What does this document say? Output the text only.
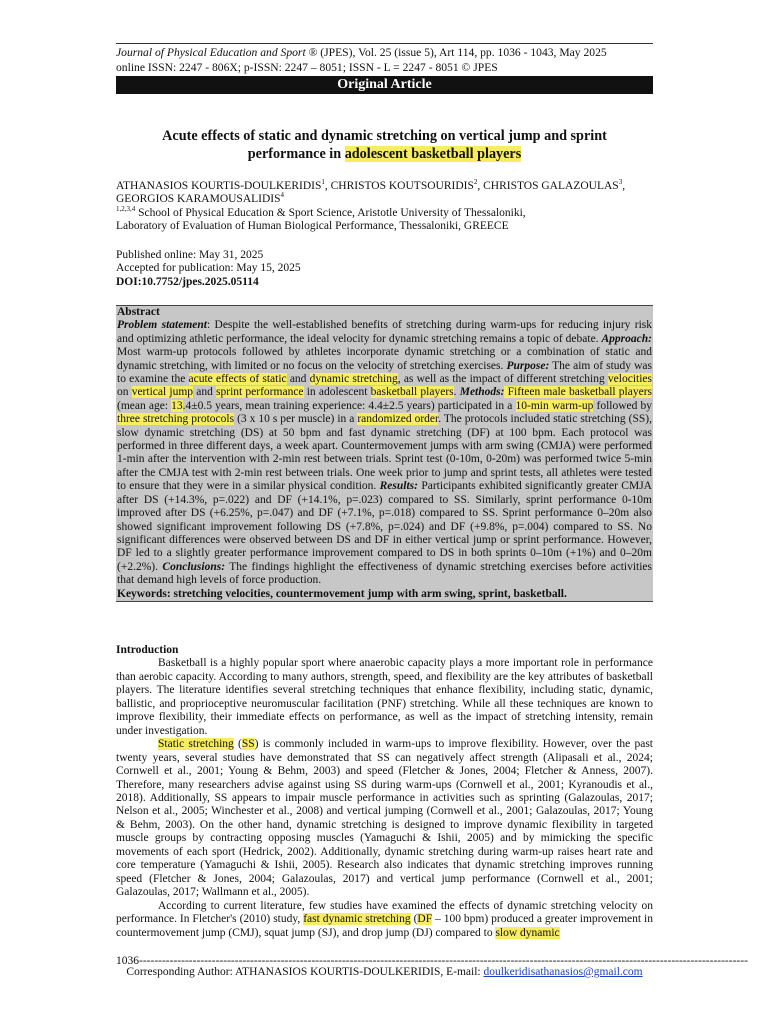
Journal of Physical Education and Sport ® (JPES), Vol. 25 (issue 5), Art 114, pp. 1036 - 1043, May 2025
online ISSN: 2247 - 806X; p-ISSN: 2247 – 8051; ISSN - L = 2247 - 8051 © JPES
Original Article
Acute effects of static and dynamic stretching on vertical jump and sprint
performance in adolescent basketball players
ATHANASIOS KOURTIS-DOULKERIDIS$^1$, CHRISTOS KOUTSOURIDIS$^2$, CHRISTOS GALAZOULAS$^3$,
GEORGIOS KARAMOUSALIDIS$^4$
$^{1,2,3,4}$ School of Physical Education & Sport Science, Aristotle University of Thessaloniki,
Laboratory of Evaluation of Human Biological Performance, Thessaloniki, GREECE
Published online: May 31, 2025
Accepted for publication: May 15, 2025
DOI:10.7752/jpes.2025.05114
Abstract

Problem statement: Despite the well-established benefits of stretching during warm-ups for reducing injury risk and optimizing athletic performance, the ideal velocity for dynamic stretching remains a topic of debate. Approach: Most warm-up protocols followed by athletes incorporate dynamic stretching or a combination of static and dynamic stretching, with limited or no focus on the velocity of stretching exercises. Purpose: The aim of study was to examine the acute effects of static and dynamic stretching, as well as the impact of different stretching velocities on vertical jump and sprint performance in adolescent basketball players. Methods: Fifteen male basketball players (mean age: 13.4±0.5 years, mean training experience: 4.4±2.5 years) participated in a 10-min warm-up followed by three stretching protocols (3 x 10 s per muscle) in a randomized order. The protocols included static stretching (SS), slow dynamic stretching (DS) at 50 bpm and fast dynamic stretching (DF) at 100 bpm. Each protocol was performed in three different days, a week apart. Countermovement jumps with arm swing (CMJA) were performed 1-min after the intervention with 2-min rest between trials. Sprint test (0-10m, 0-20m) was performed twice 5-min after the CMJA test with 2-min rest between trials. One week prior to jump and sprint tests, all athletes were tested to ensure that they were in a similar physical condition. Results: Participants exhibited significantly greater CMJA after DS (+14.3%, p=.022) and DF (+14.1%, p=.023) compared to SS. Similarly, sprint performance 0-10m improved after DS (+6.25%, p=.047) and DF (+7.1%, p=.018) compared to SS. Sprint performance 0–20m also showed significant improvement following DS (+7.8%, p=.024) and DF (+9.8%, p=.004) compared to SS. No significant differences were observed between DS and DF in either vertical jump or sprint performance. However, DF led to a slightly greater performance improvement compared to DS in both sprints 0–10m (+1%) and 0–20m (+2.2%). Conclusions: The findings highlight the effectiveness of dynamic stretching exercises before activities that demand high levels of force production.

Keywords: stretching velocities, countermovement jump with arm swing, sprint, basketball.
Introduction

Basketball is a highly popular sport where anaerobic capacity plays a more important role in performance than aerobic capacity. According to many authors, strength, speed, and flexibility are the key attributes of basketball players. The literature identifies several stretching techniques that enhance flexibility, including static, dynamic, ballistic, and proprioceptive neuromuscular facilitation (PNF) stretching. While all these techniques are known to improve flexibility, their immediate effects on performance, as well as the impact of stretching intensity, remain under investigation.

Static stretching (SS) is commonly included in warm-ups to improve flexibility. However, over the past twenty years, several studies have demonstrated that SS can negatively affect strength (Alipasali et al., 2024; Cornwell et al., 2001; Young & Behm, 2003) and speed (Fletcher & Jones, 2004; Fletcher & Anness, 2007). Therefore, many researchers advise against using SS during warm-ups (Cornwell et al., 2001; Kyranoudis et al., 2018). Additionally, SS appears to impair muscle performance in activities such as sprinting (Galazoulas, 2017; Nelson et al., 2005; Winchester et al., 2008) and vertical jumping (Cornwell et al., 2001; Galazoulas, 2017; Young & Behm, 2003). On the other hand, dynamic stretching is designed to improve dynamic flexibility in targeted muscle groups by contracting opposing muscles (Yamaguchi & Ishii, 2005) and by mimicking the specific movements of each sport (Hedrick, 2002). Additionally, dynamic stretching during warm-up raises heart rate and core temperature (Yamaguchi & Ishii, 2005). Research also indicates that dynamic stretching improves running speed (Fletcher & Jones, 2004; Galazoulas, 2017) and vertical jump performance (Cornwell et al., 2001; Galazoulas, 2017; Wallmann et al., 2005).

According to current literature, few studies have examined the effects of dynamic stretching velocity on performance. In Fletcher's (2010) study, fast dynamic stretching (DF – 100 bpm) produced a greater improvement in countermovement jump (CMJ), squat jump (SJ), and drop jump (DJ) compared to slow dynamic

1036---------------------------------------------------------------------------------------------------------------------------------------------------------------
Corresponding Author: ATHANASIOS KOURTIS-DOULKERIDIS, E-mail: doulkeridisathanasios@gmail.com
